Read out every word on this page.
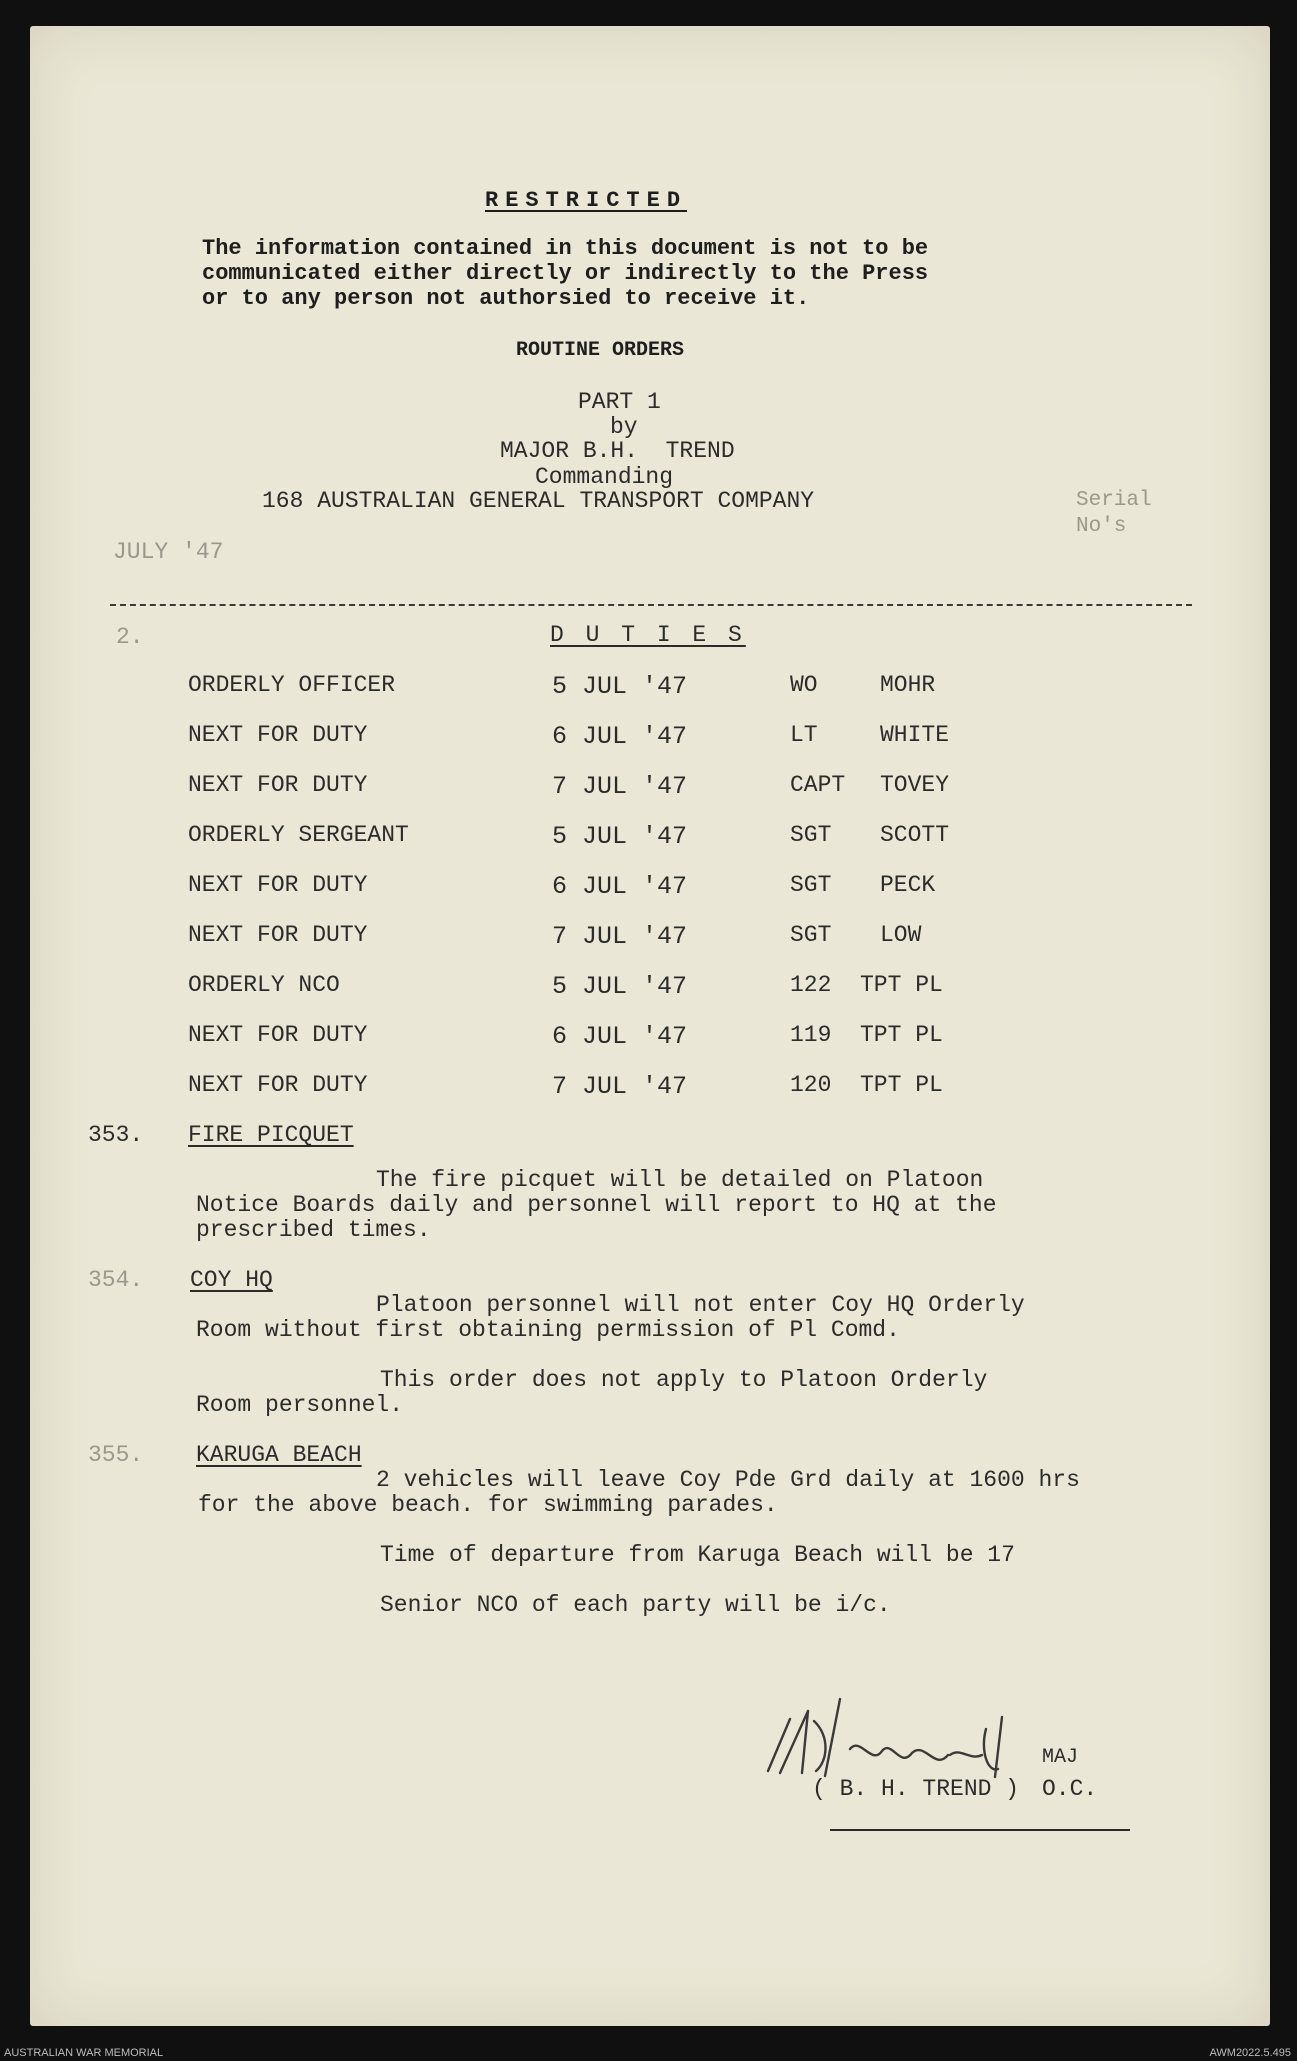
RESTRICTED
The information contained in this document is not to be
communicated either directly or indirectly to the Press
or to any person not authorsied to receive it.
ROUTINE ORDERS
PART 1
by
MAJOR B.H.  TREND
Commanding
168 AUSTRALIAN GENERAL TRANSPORT COMPANY	Serial
No's
JULY '47
2.	D U T I E S
ORDERLY OFFICER	5 JUL '47	WO	MOHR
NEXT FOR DUTY	6 JUL '47	LT	WHITE
NEXT FOR DUTY	7 JUL '47	CAPT TOVEY
ORDERLY SERGEANT	5 JUL '47	SGT SCOTT
NEXT FOR DUTY	6 JUL '47	SGT PECK
NEXT FOR DUTY	7 JUL '47	SGT LOW
ORDERLY NCO	5 JUL '47	122 TPT PL
NEXT FOR DUTY	6 JUL '47	119 TPT PL
NEXT FOR DUTY	7 JUL '47	120 TPT PL
353. FIRE PICQUET
The fire picquet will be detailed on Platoon
Notice Boards daily and personnel will report to HQ at the
prescribed times.
354. COY HQ
Platoon personnel will not enter Coy HQ Orderly
Room without first obtaining permission of Pl Comd.
This order does not apply to Platoon Orderly
Room personnel.
355. KARUGA BEACH
2 vehicles will leave Coy Pde Grd daily at 1600 hrs
for the above beach. for swimming parades.
Time of departure from Karuga Beach will be 17
Senior NCO of each party will be i/c.
MAJ
( B. H. TREND ) O.C.
AUSTRALIAN WAR MEMORIAL	AWM2022.5.495
